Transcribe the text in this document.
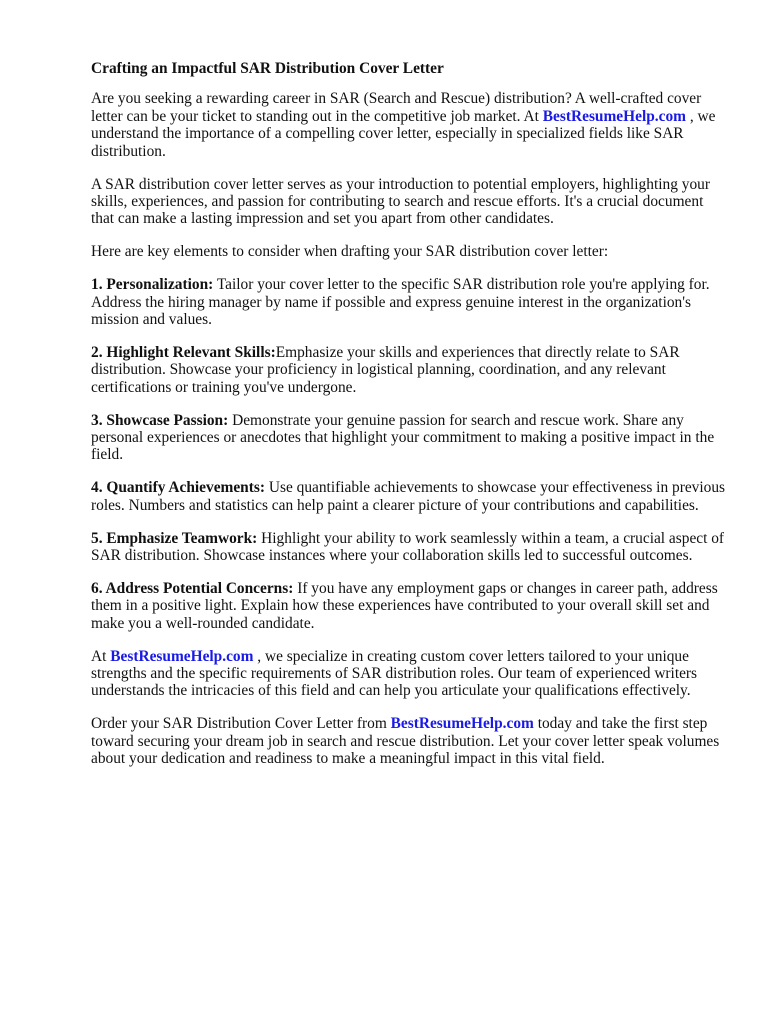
Crafting an Impactful SAR Distribution Cover Letter

Are you seeking a rewarding career in SAR (Search and Rescue) distribution? A well-crafted cover letter can be your ticket to standing out in the competitive job market. At BestResumeHelp.com , we understand the importance of a compelling cover letter, especially in specialized fields like SAR distribution.

A SAR distribution cover letter serves as your introduction to potential employers, highlighting your skills, experiences, and passion for contributing to search and rescue efforts. It's a crucial document that can make a lasting impression and set you apart from other candidates.

Here are key elements to consider when drafting your SAR distribution cover letter:

1. Personalization: Tailor your cover letter to the specific SAR distribution role you're applying for. Address the hiring manager by name if possible and express genuine interest in the organization's mission and values.

2. Highlight Relevant Skills:Emphasize your skills and experiences that directly relate to SAR distribution. Showcase your proficiency in logistical planning, coordination, and any relevant certifications or training you've undergone.

3. Showcase Passion: Demonstrate your genuine passion for search and rescue work. Share any personal experiences or anecdotes that highlight your commitment to making a positive impact in the field.

4. Quantify Achievements: Use quantifiable achievements to showcase your effectiveness in previous roles. Numbers and statistics can help paint a clearer picture of your contributions and capabilities.

5. Emphasize Teamwork: Highlight your ability to work seamlessly within a team, a crucial aspect of SAR distribution. Showcase instances where your collaboration skills led to successful outcomes.

6. Address Potential Concerns: If you have any employment gaps or changes in career path, address them in a positive light. Explain how these experiences have contributed to your overall skill set and make you a well-rounded candidate.

At BestResumeHelp.com , we specialize in creating custom cover letters tailored to your unique strengths and the specific requirements of SAR distribution roles. Our team of experienced writers understands the intricacies of this field and can help you articulate your qualifications effectively.

Order your SAR Distribution Cover Letter from BestResumeHelp.com today and take the first step toward securing your dream job in search and rescue distribution. Let your cover letter speak volumes about your dedication and readiness to make a meaningful impact in this vital field.
